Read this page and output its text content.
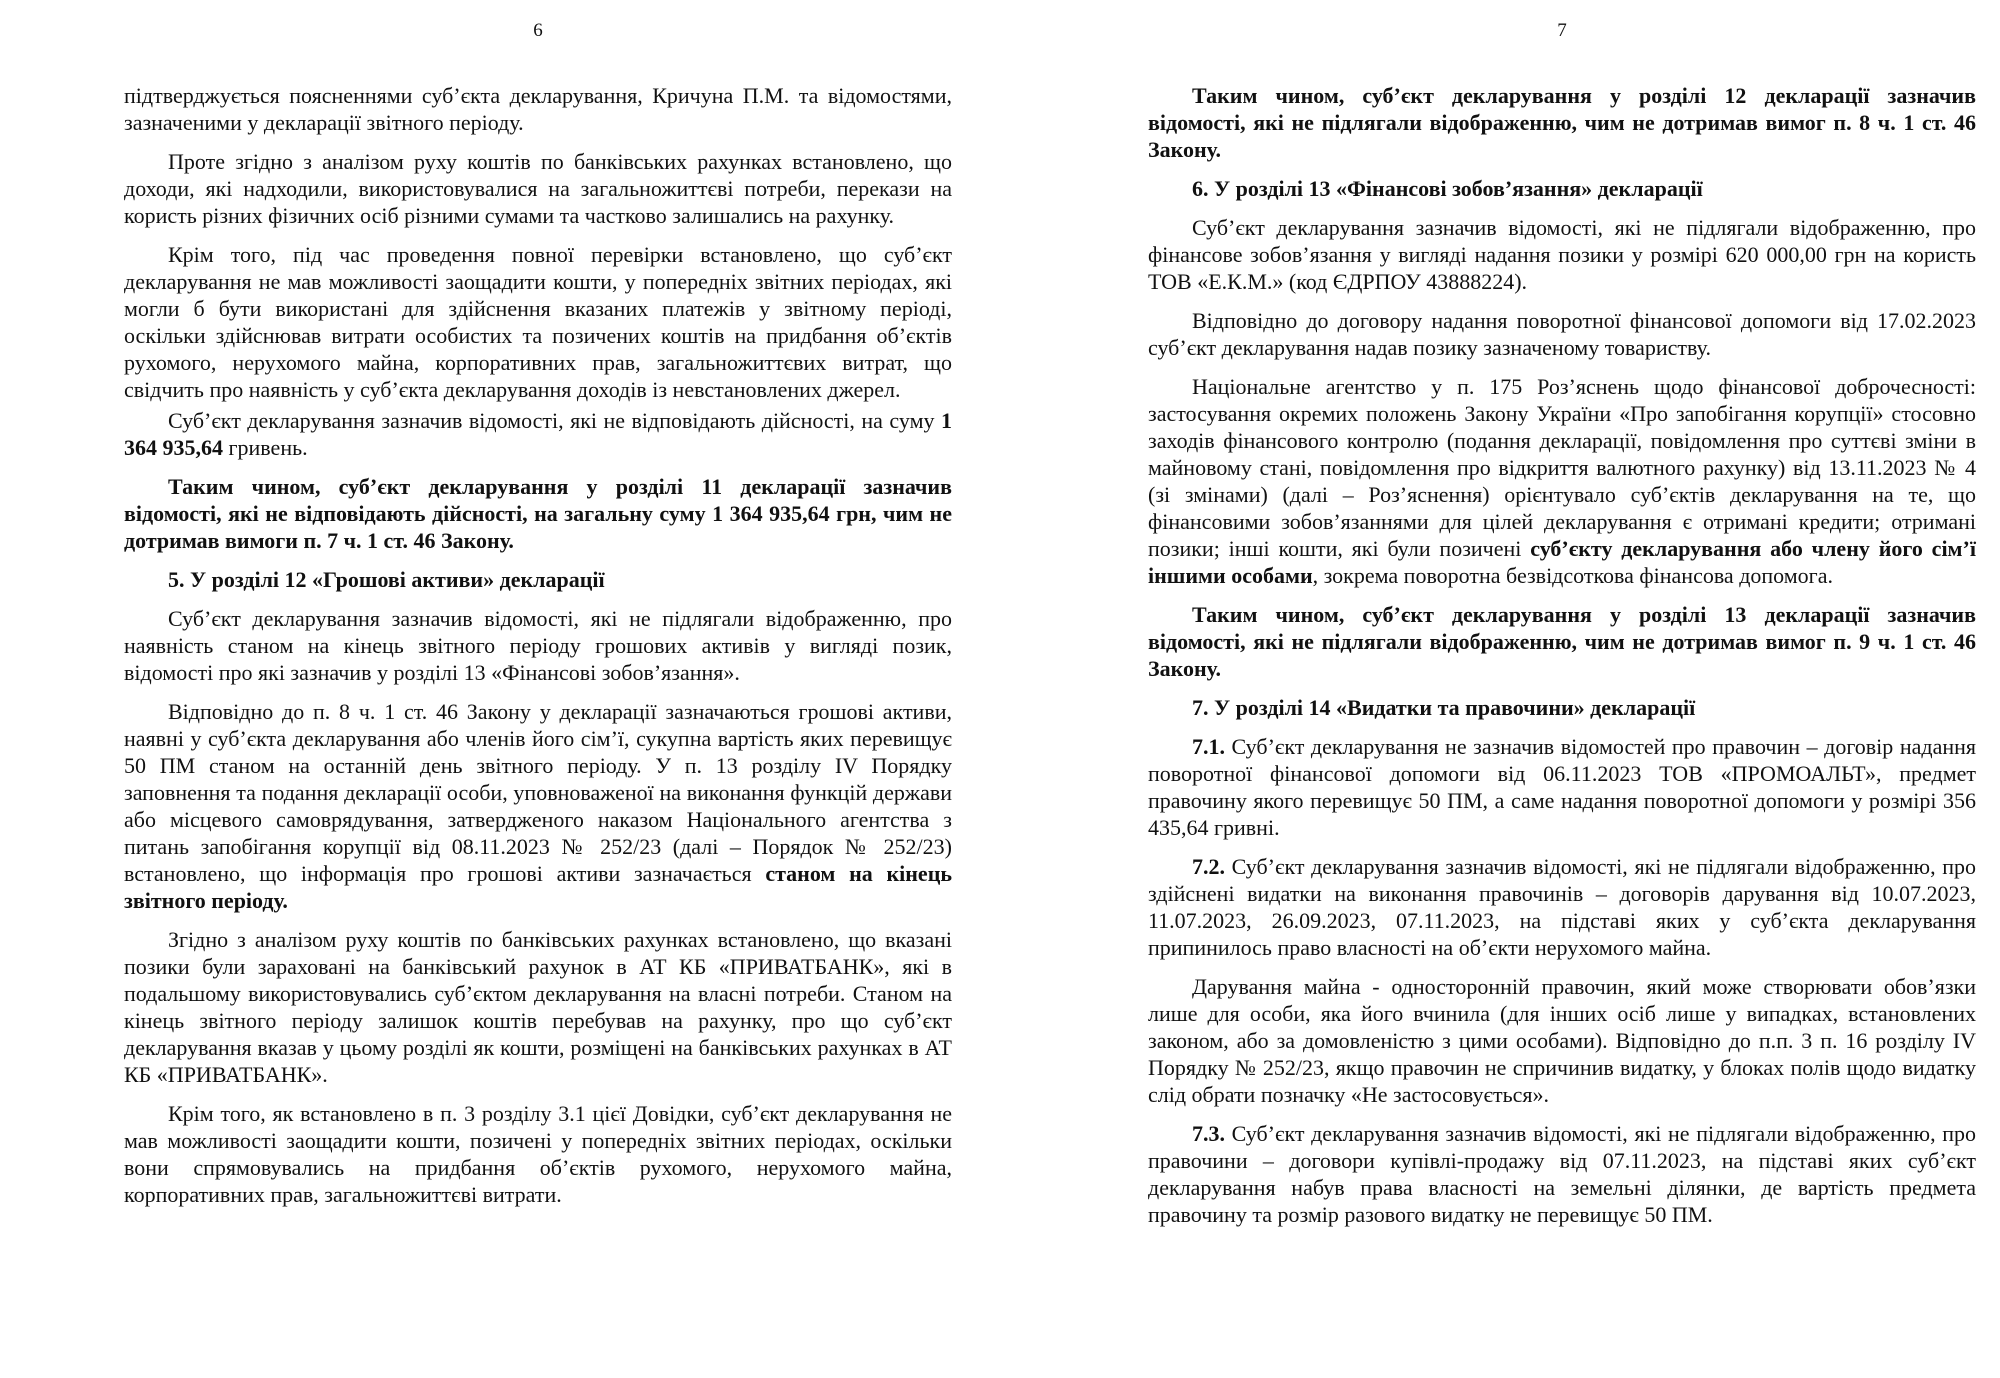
6

підтверджується поясненнями суб’єкта декларування, Кричуна П.М. та відомостями, зазначеними у декларації звітного періоду.

Проте згідно з аналізом руху коштів по банківських рахунках встановлено, що доходи, які надходили, використовувалися на загальножиттєві потреби, перекази на користь різних фізичних осіб різними сумами та частково залишались на рахунку.

Крім того, під час проведення повної перевірки встановлено, що суб’єкт декларування не мав можливості заощадити кошти, у попередніх звітних періодах, які могли б бути використані для здійснення вказаних платежів у звітному періоді, оскільки здійснював витрати особистих та позичених коштів на придбання об’єктів рухомого, нерухомого майна, корпоративних прав, загальножиттєвих витрат, що свідчить про наявність у суб’єкта декларування доходів із невстановлених джерел.

Суб’єкт декларування зазначив відомості, які не відповідають дійсності, на суму 1 364 935,64 гривень.

Таким чином, суб’єкт декларування у розділі 11 декларації зазначив відомості, які не відповідають дійсності, на загальну суму 1 364 935,64 грн, чим не дотримав вимоги п. 7 ч. 1 ст. 46 Закону.

5. У розділі 12 «Грошові активи» декларації

Суб’єкт декларування зазначив відомості, які не підлягали відображенню, про наявність станом на кінець звітного періоду грошових активів у вигляді позик, відомості про які зазначив у розділі 13 «Фінансові зобов’язання».

Відповідно до п. 8 ч. 1 ст. 46 Закону у декларації зазначаються грошові активи, наявні у суб’єкта декларування або членів його сім’ї, сукупна вартість яких перевищує 50 ПМ станом на останній день звітного періоду. У п. 13 розділу IV Порядку заповнення та подання декларації особи, уповноваженої на виконання функцій держави або місцевого самоврядування, затвердженого наказом Національного агентства з питань запобігання корупції від 08.11.2023 № 252/23 (далі – Порядок № 252/23) встановлено, що інформація про грошові активи зазначається станом на кінець звітного періоду.

Згідно з аналізом руху коштів по банківських рахунках встановлено, що вказані позики були зараховані на банківський рахунок в АТ КБ «ПРИВАТБАНК», які в подальшому використовувались суб’єктом декларування на власні потреби. Станом на кінець звітного періоду залишок коштів перебував на рахунку, про що суб’єкт декларування вказав у цьому розділі як кошти, розміщені на банківських рахунках в АТ КБ «ПРИВАТБАНК».

Крім того, як встановлено в п. 3 розділу 3.1 цієї Довідки, суб’єкт декларування не мав можливості заощадити кошти, позичені у попередніх звітних періодах, оскільки вони спрямовувались на придбання об’єктів рухомого, нерухомого майна, корпоративних прав, загальножиттєві витрати.

7

Таким чином, суб’єкт декларування у розділі 12 декларації зазначив відомості, які не підлягали відображенню, чим не дотримав вимог п. 8 ч. 1 ст. 46 Закону.

6. У розділі 13 «Фінансові зобов’язання» декларації

Суб’єкт декларування зазначив відомості, які не підлягали відображенню, про фінансове зобов’язання у вигляді надання позики у розмірі 620 000,00 грн на користь ТОВ «Е.К.М.» (код ЄДРПОУ 43888224).

Відповідно до договору надання поворотної фінансової допомоги від 17.02.2023 суб’єкт декларування надав позику зазначеному товариству.

Національне агентство у п. 175 Роз’яснень щодо фінансової доброчесності: застосування окремих положень Закону України «Про запобігання корупції» стосовно заходів фінансового контролю (подання декларації, повідомлення про суттєві зміни в майновому стані, повідомлення про відкриття валютного рахунку) від 13.11.2023 № 4 (зі змінами) (далі – Роз’яснення) орієнтувало суб’єктів декларування на те, що фінансовими зобов’язаннями для цілей декларування є отримані кредити; отримані позики; інші кошти, які були позичені суб’єкту декларування або члену його сім’ї іншими особами, зокрема поворотна безвідсоткова фінансова допомога.

Таким чином, суб’єкт декларування у розділі 13 декларації зазначив відомості, які не підлягали відображенню, чим не дотримав вимог п. 9 ч. 1 ст. 46 Закону.

7. У розділі 14 «Видатки та правочини» декларації

7.1. Суб’єкт декларування не зазначив відомостей про правочин – договір надання поворотної фінансової допомоги від 06.11.2023 ТОВ «ПРОМОАЛЬТ», предмет правочину якого перевищує 50 ПМ, а саме надання поворотної допомоги у розмірі 356 435,64 гривні.

7.2. Суб’єкт декларування зазначив відомості, які не підлягали відображенню, про здійснені видатки на виконання правочинів – договорів дарування від 10.07.2023, 11.07.2023, 26.09.2023, 07.11.2023, на підставі яких у суб’єкта декларування припинилось право власності на об’єкти нерухомого майна.

Дарування майна - односторонній правочин, який може створювати обов’язки лише для особи, яка його вчинила (для інших осіб лише у випадках, встановлених законом, або за домовленістю з цими особами). Відповідно до п.п. 3 п. 16 розділу IV Порядку № 252/23, якщо правочин не спричинив видатку, у блоках полів щодо видатку слід обрати позначку «Не застосовується».

7.3. Суб’єкт декларування зазначив відомості, які не підлягали відображенню, про правочини – договори купівлі-продажу від 07.11.2023, на підставі яких суб’єкт декларування набув права власності на земельні ділянки, де вартість предмета правочину та розмір разового видатку не перевищує 50 ПМ.
